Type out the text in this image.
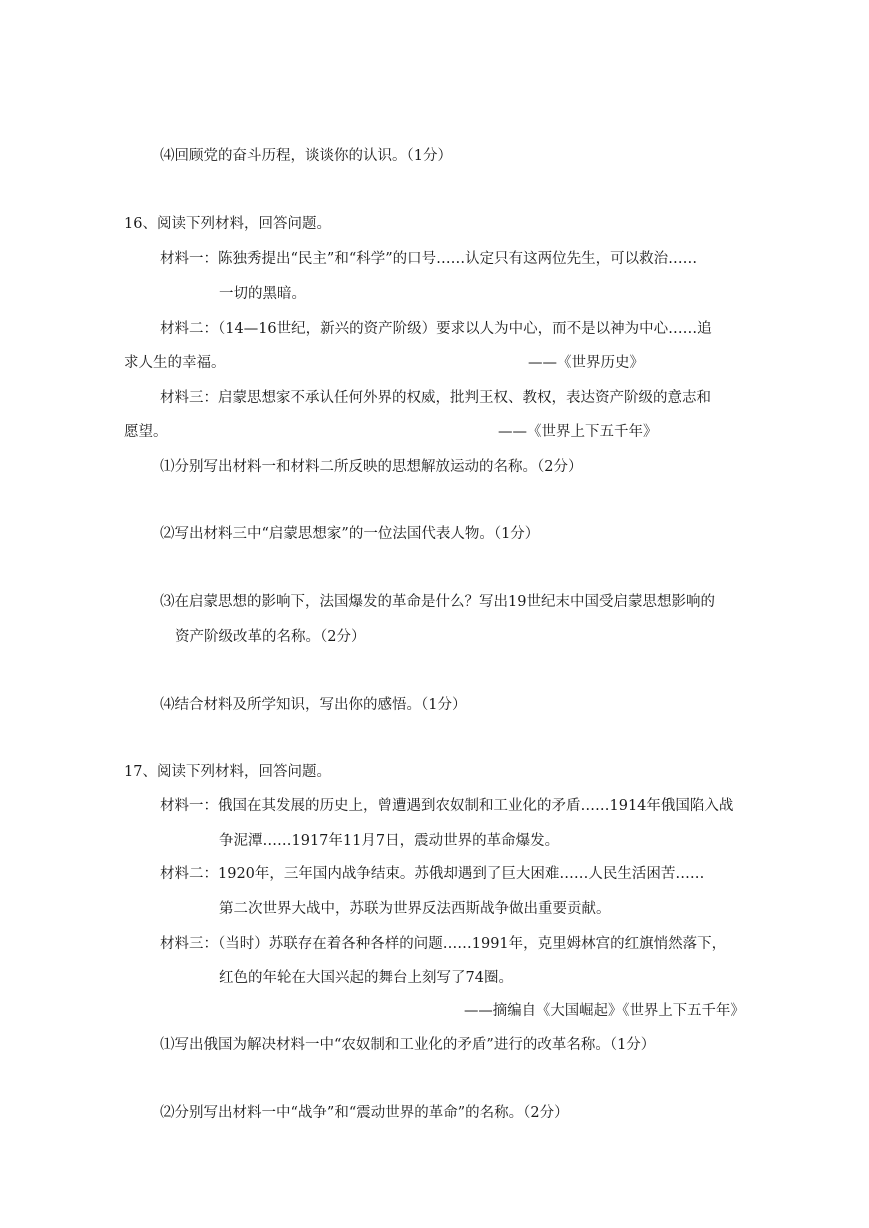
⑷回顾党的奋斗历程，谈谈你的认识。（1分）
16、阅读下列材料，回答问题。
材料一：陈独秀提出“民主”和“科学”的口号……认定只有这两位先生，可以救治……
一切的黑暗。
材料二：（14—16世纪，新兴的资产阶级）要求以人为中心，而不是以神为中心……追
求人生的幸福。	——《世界历史》
材料三：启蒙思想家不承认任何外界的权威，批判王权、教权，表达资产阶级的意志和
愿望。	——《世界上下五千年》
⑴分别写出材料一和材料二所反映的思想解放运动的名称。（2分）
⑵写出材料三中“启蒙思想家”的一位法国代表人物。（1分）
⑶在启蒙思想的影响下，法国爆发的革命是什么？写出19世纪末中国受启蒙思想影响的
资产阶级改革的名称。（2分）
⑷结合材料及所学知识，写出你的感悟。（1分）
17、阅读下列材料，回答问题。
材料一：俄国在其发展的历史上，曾遭遇到农奴制和工业化的矛盾……1914年俄国陷入战
争泥潭……1917年11月7日，震动世界的革命爆发。
材料二：1920年，三年国内战争结束。苏俄却遇到了巨大困难……人民生活困苦……
第二次世界大战中，苏联为世界反法西斯战争做出重要贡献。
材料三：（当时）苏联存在着各种各样的问题……1991年，克里姆林宫的红旗悄然落下，
红色的年轮在大国兴起的舞台上刻写了74圈。
——摘编自《大国崛起》《世界上下五千年》
⑴写出俄国为解决材料一中“农奴制和工业化的矛盾”进行的改革名称。（1分）
⑵分别写出材料一中“战争”和“震动世界的革命”的名称。（2分）
